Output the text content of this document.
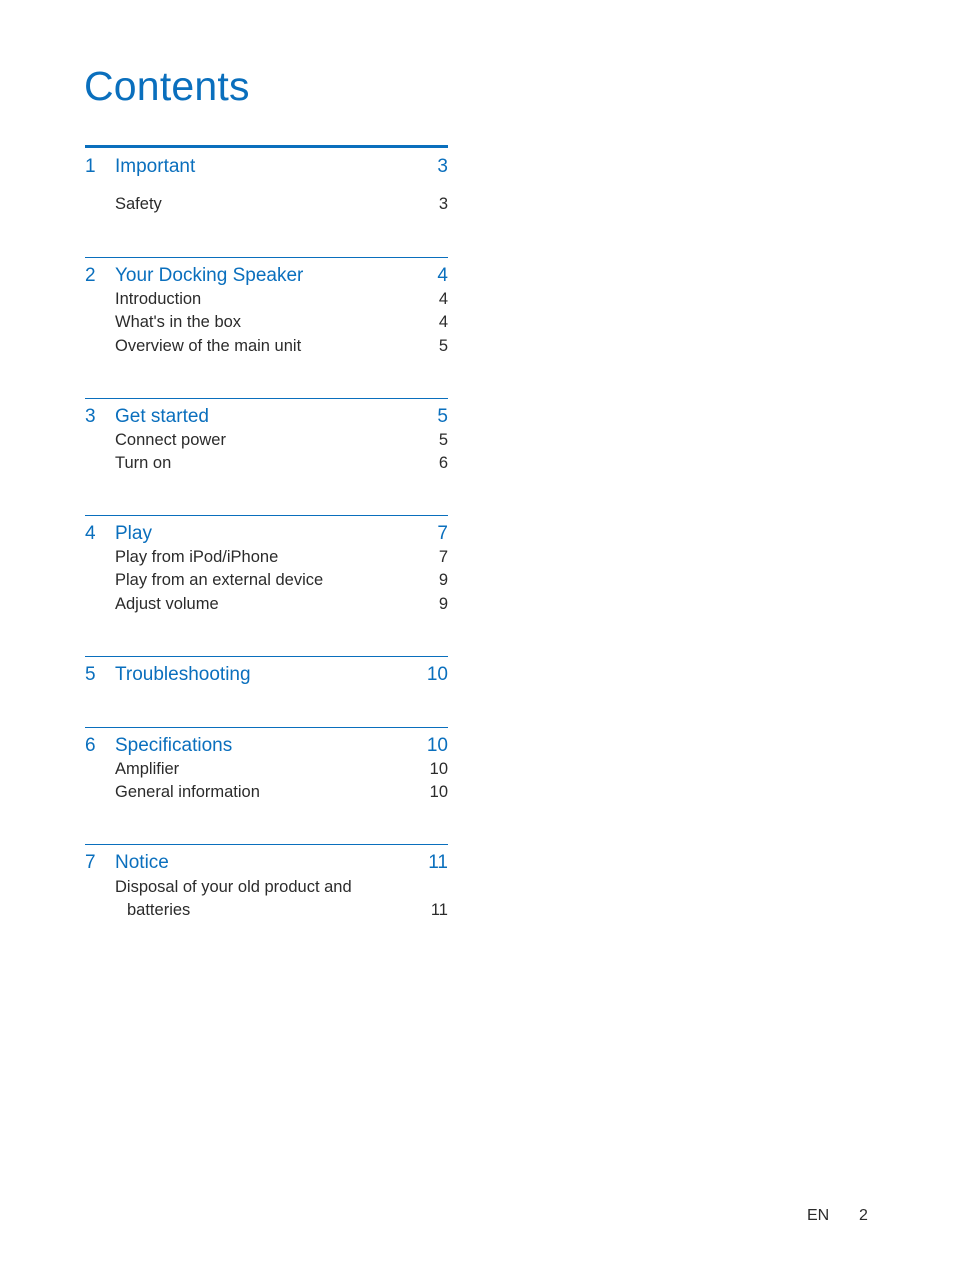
Contents
1 Important	3
Safety	3
2 Your Docking Speaker	4
Introduction	4
What's in the box	4
Overview of the main unit	5
3 Get started	5
Connect power	5
Turn on	6
4 Play	7
Play from iPod/iPhone	7
Play from an external device	9
Adjust volume	9
5 Troubleshooting	10
6 Specifications	10
Amplifier	10
General information	10
7 Notice	11
Disposal of your old product and
batteries	11
EN 2
